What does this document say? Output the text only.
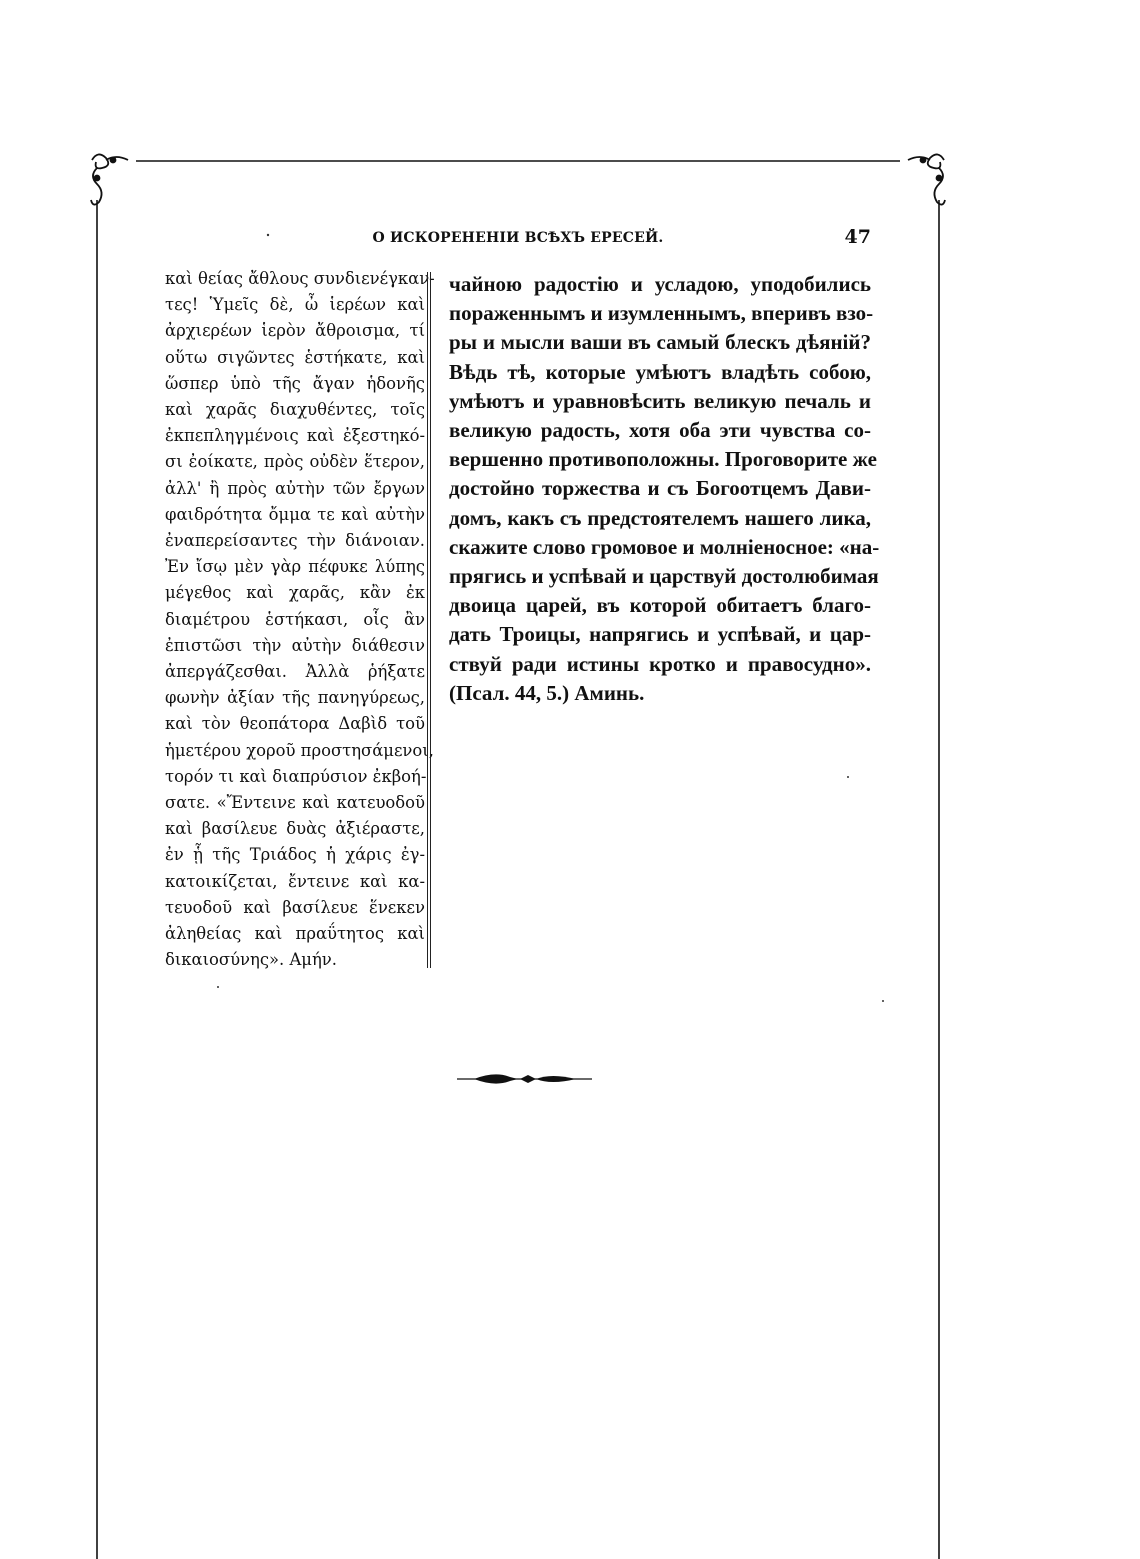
О ИСКОРЕНЕНІИ ВСѢХЪ ЕРЕСЕЙ.	47
καὶ θείας ἄθλους συνδιενέγκαν-
τες! Ὑμεῖς δὲ, ὦ ἱερέων καὶ
ἀρχιερέων ἱερὸν ἄθροισμα, τί
οὕτω σιγῶντες ἑστήκατε, καὶ
ὥσπερ ὑπὸ τῆς ἄγαν ἡδονῆς
καὶ χαρᾶς διαχυθέντες, τοῖς
ἐκπεπληγμένοις καὶ ἐξεστηκό-
σι ἐοίκατε, πρὸς οὐδὲν ἕτερον,
ἀλλ' ἢ πρὸς αὐτὴν τῶν ἔργων
φαιδρότητα ὄμμα τε καὶ αὐτὴν
ἐναπερείσαντες τὴν διάνοιαν.
Ἐν ἴσῳ μὲν γὰρ πέφυκε λύπης
μέγεθος καὶ χαρᾶς, κἂν ἐκ
διαμέτρου ἑστήκασι, οἷς ἂν
ἐπιστῶσι τὴν αὐτὴν διάθεσιν
ἀπεργάζεσθαι. Ἀλλὰ ῥήξατε
φωνὴν ἀξίαν τῆς πανηγύρεως,
καὶ τὸν θεοπάτορα Δαβὶδ τοῦ
ἡμετέρου χοροῦ προστησάμενοι,
τορόν τι καὶ διαπρύσιον ἐκβοή-
σατε. «Ἔντεινε καὶ κατευοδοῦ
καὶ βασίλευε δυὰς ἀξιέραστε,
ἐν ᾗ τῆς Τριάδος ἡ χάρις ἐγ-
κατοικίζεται, ἔντεινε καὶ κα-
τευοδοῦ καὶ βασίλευε ἕνεκεν
ἀληθείας καὶ πραΰτητος καὶ
δικαιοσύνης». Αμήν.
чайною радостію и усладою, уподобились
пораженнымъ и изумленнымъ, вперивъ взо-
ры и мысли ваши въ самый блескъ дѣяній?
Вѣдь тѣ, которые умѣютъ владѣть собою,
умѣютъ и уравновѣсить великую печаль и
великую радость, хотя оба эти чувства со-
вершенно противоположны. Проговорите же
достойно торжества и съ Богоотцемъ Дави-
домъ, какъ съ предстоятелемъ нашего лика,
скажите слово громовое и молніеносное: «на-
прягись и успѣвай и царствуй достолюбимая
двоица царей, въ которой обитаетъ благо-
дать Троицы, напрягись и успѣвай, и цар-
ствуй ради истины кротко и правосудно».
(Псал. 44, 5.) Аминь.
